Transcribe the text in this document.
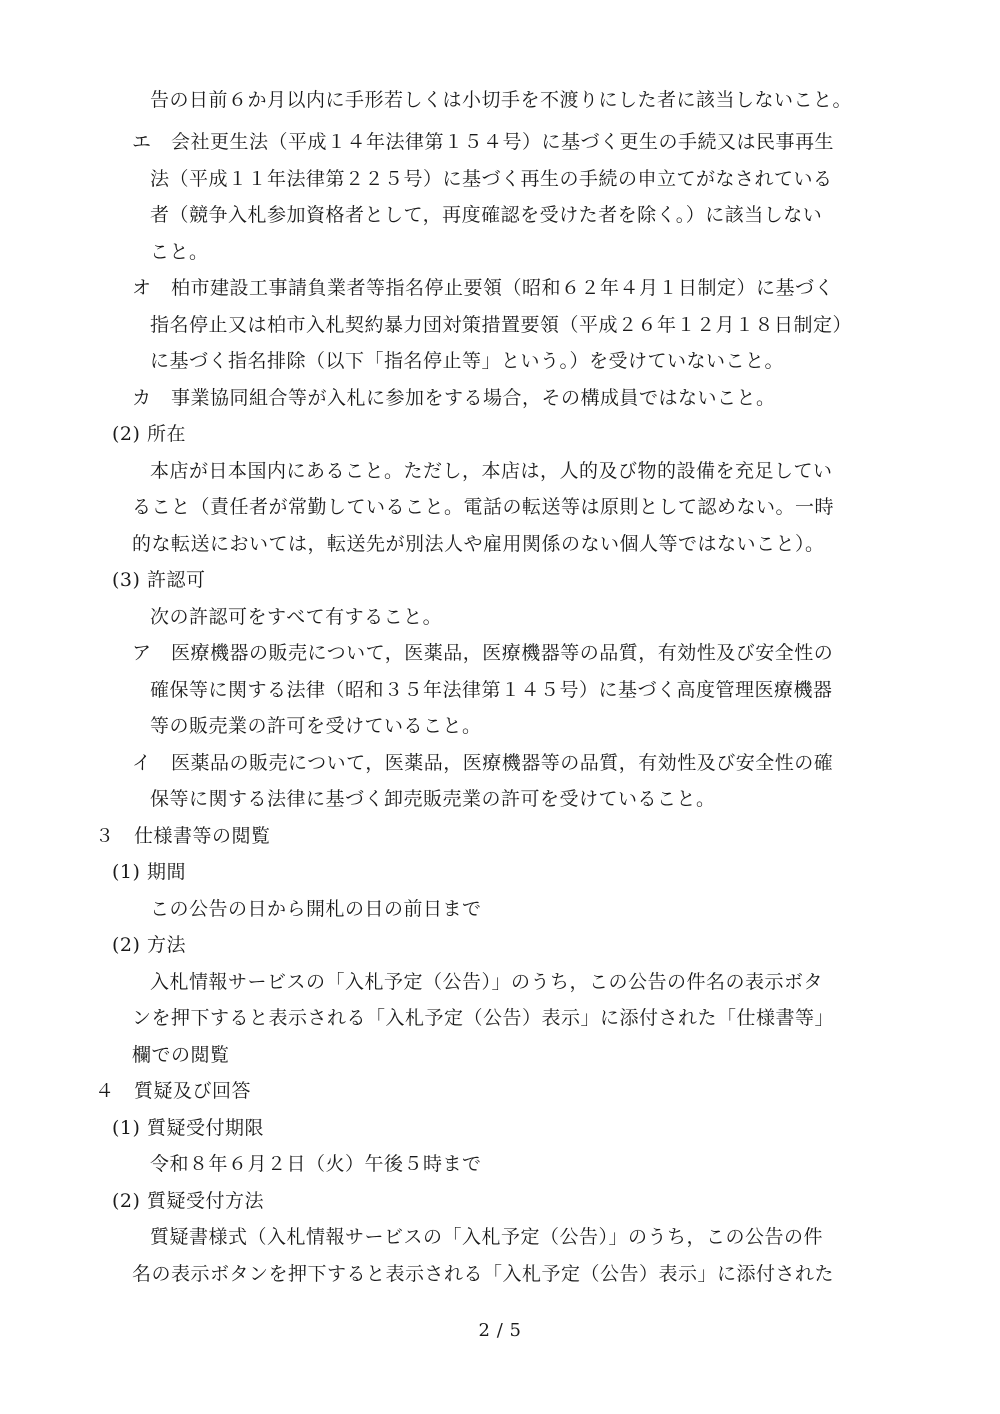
告の日前６か月以内に手形若しくは小切手を不渡りにした者に該当しないこと。
エ　会社更生法（平成１４年法律第１５４号）に基づく更生の手続又は民事再生
法（平成１１年法律第２２５号）に基づく再生の手続の申立てがなされている
者（競争入札参加資格者として，再度確認を受けた者を除く。）に該当しない
こと。
オ　柏市建設工事請負業者等指名停止要領（昭和６２年４月１日制定）に基づく
指名停止又は柏市入札契約暴力団対策措置要領（平成２６年１２月１８日制定）
に基づく指名排除（以下「指名停止等」という。）を受けていないこと。
カ　事業協同組合等が入札に参加をする場合，その構成員ではないこと。
(2) 所在
本店が日本国内にあること。ただし，本店は，人的及び物的設備を充足してい
ること（責任者が常勤していること。電話の転送等は原則として認めない。一時
的な転送においては，転送先が別法人や雇用関係のない個人等ではないこと）。
(3) 許認可
次の許認可をすべて有すること。
ア　医療機器の販売について，医薬品，医療機器等の品質，有効性及び安全性の
確保等に関する法律（昭和３５年法律第１４５号）に基づく高度管理医療機器
等の販売業の許可を受けていること。
イ　医薬品の販売について，医薬品，医療機器等の品質，有効性及び安全性の確
保等に関する法律に基づく卸売販売業の許可を受けていること。
３　仕様書等の閲覧
(1) 期間
この公告の日から開札の日の前日まで
(2) 方法
入札情報サービスの「入札予定（公告）」のうち，この公告の件名の表示ボタ
ンを押下すると表示される「入札予定（公告）表示」に添付された「仕様書等」
欄での閲覧
４　質疑及び回答
(1) 質疑受付期限
令和８年６月２日（火）午後５時まで
(2) 質疑受付方法
質疑書様式（入札情報サービスの「入札予定（公告）」のうち，この公告の件
名の表示ボタンを押下すると表示される「入札予定（公告）表示」に添付された
2 / 5
